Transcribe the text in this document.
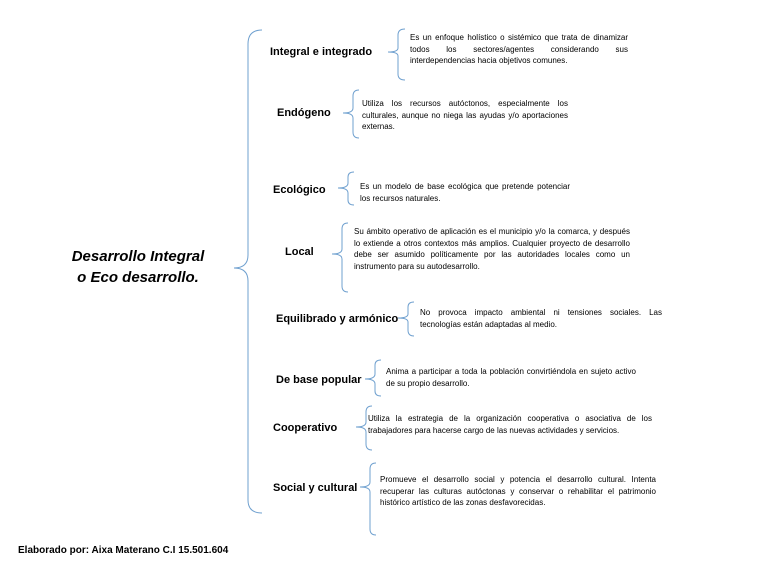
Desarrollo Integral
o Eco desarrollo.
Integral e integrado
Endógeno
Ecológico
Local
Equilibrado y armónico
De base popular
Cooperativo
Social y cultural
Es un enfoque holístico o sistémico que trata de dinamizar todos los sectores/agentes considerando sus interdependencias hacia objetivos comunes.
Utiliza los recursos autóctonos, especialmente los culturales, aunque no niega las ayudas y/o aportaciones externas.
Es un modelo de base ecológica que pretende potenciar los recursos naturales.
Su ámbito operativo de aplicación es el municipio y/o la comarca, y después lo extiende a otros contextos más amplios. Cualquier proyecto de desarrollo debe ser asumido políticamente por las autoridades locales como un instrumento para su autodesarrollo.
No provoca impacto ambiental ni tensiones sociales. Las tecnologías están adaptadas al medio.
Anima a participar a toda la población convirtiéndola en sujeto activo de su propio desarrollo.
Utiliza la estrategia de la organización cooperativa o asociativa de los trabajadores para hacerse cargo de las nuevas actividades y servicios.
Promueve el desarrollo social y potencia el desarrollo cultural. Intenta recuperar las culturas autóctonas y conservar o rehabilitar el patrimonio histórico artístico de las zonas desfavorecidas.
Elaborado por: Aixa Materano C.I 15.501.604
